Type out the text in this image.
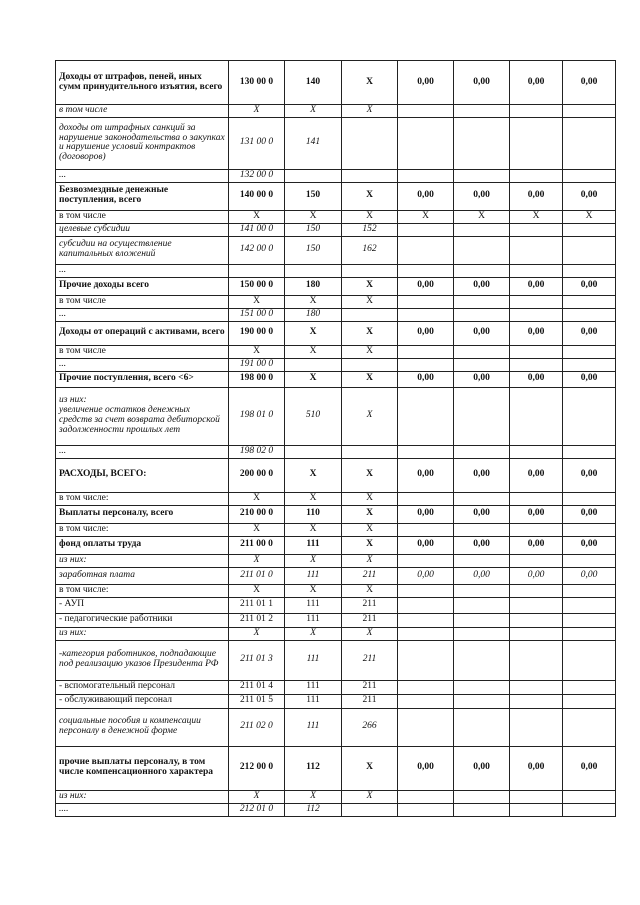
Доходы от штрафов, пеней, иных сумм принудительного изъятия, всего	130 00 0	140	X	0,00	0,00	0,00	0,00
в том числе	X	X	X				
доходы от штрафных санкций за нарушение законодательства о закупках и нарушение условий контрактов (договоров)	131 00 0	141					
...	132 00 0						
Безвозмездные денежные поступления, всего	140 00 0	150	X	0,00	0,00	0,00	0,00
в том числе	X	X	X	X	X	X	X
целевые субсидии	141 00 0	150	152				
субсидии на осуществление капитальных вложений	142 00 0	150	162				
...							
Прочие доходы всего	150 00 0	180	X	0,00	0,00	0,00	0,00
в том числе	X	X	X				
...	151 00 0	180					
Доходы от операций с активами, всего	190 00 0	X	X	0,00	0,00	0,00	0,00
в том числе	X	X	X				
...	191 00 0						
Прочие поступления, всего <6>	198 00 0	X	X	0,00	0,00	0,00	0,00
из них:
увеличение остатков денежных средств за счет возврата дебиторской задолженности прошлых лет	198 01 0	510	X				
...	198 02 0						
РАСХОДЫ, ВСЕГО:	200 00 0	X	X	0,00	0,00	0,00	0,00
в том числе:	X	X	X				
Выплаты персоналу, всего	210 00 0	110	X	0,00	0,00	0,00	0,00
в том числе:	X	X	X				
фонд оплаты труда	211 00 0	111	X	0,00	0,00	0,00	0,00
из них:	X	X	X				
заработная плата	211 01 0	111	211	0,00	0,00	0,00	0,00
в том числе:	X	X	X				
- АУП	211 01 1	111	211				
- педагогические работники	211 01 2	111	211				
из них:	X	X	X				
-категория работников, подпадающие под реализацию указов Президента РФ	211 01 3	111	211				
- вспомогательный персонал	211 01 4	111	211				
- обслуживающий персонал	211 01 5	111	211				
социальные пособия и компенсации персоналу в денежной форме	211 02 0	111	266				
прочие выплаты персоналу, в том числе компенсационного характера	212 00 0	112	X	0,00	0,00	0,00	0,00
из них:	X	X	X				
....	212 01 0	112					
